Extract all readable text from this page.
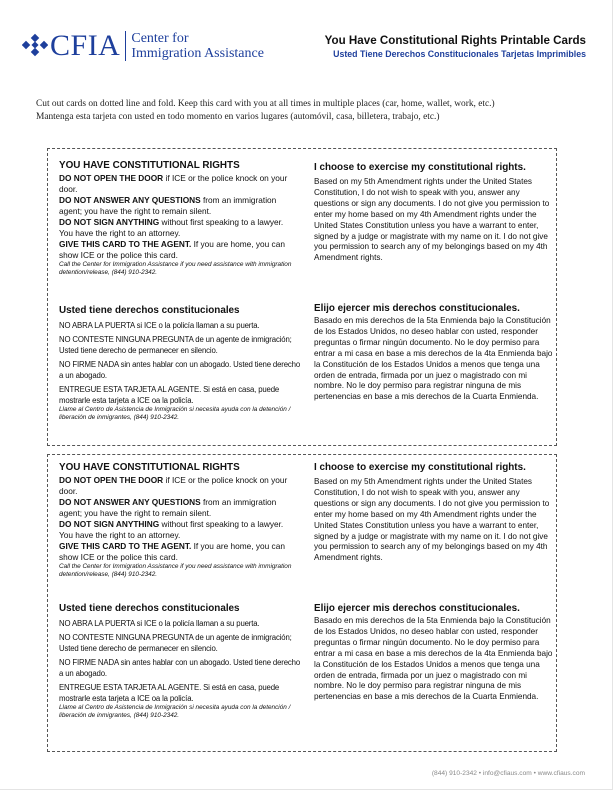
CFIA Center for
Immigration Assistance
You Have Constitutional Rights Printable Cards
Usted Tiene Derechos Constitucionales Tarjetas Imprimibles
Cut out cards on dotted line and fold. Keep this card with you at all times in multiple places (car, home, wallet, work, etc.)
Mantenga esta tarjeta con usted en todo momento en varios lugares (automóvil, casa, billetera, trabajo, etc.)
YOU HAVE CONSTITUTIONAL RIGHTS
DO NOT OPEN THE DOOR if ICE or the police knock on your door.
DO NOT ANSWER ANY QUESTIONS from an immigration agent; you have the right to remain silent.
DO NOT SIGN ANYTHING without first speaking to a lawyer. You have the right to an attorney.
GIVE THIS CARD TO THE AGENT. If you are home, you can show ICE or the police this card.
Call the Center for Immigration Assistance if you need assistance with immigration detention/release, (844) 910-2342.
Usted tiene derechos constitucionales
NO ABRA LA PUERTA si ICE o la policía llaman a su puerta.
NO CONTESTE NINGUNA PREGUNTA de un agente de inmigración; Usted tiene derecho de permanecer en silencio.
NO FIRME NADA sin antes hablar con un abogado. Usted tiene derecho a un abogado.
ENTREGUE ESTA TARJETA AL AGENTE. Si está en casa, puede mostrarle esta tarjeta a ICE oa la policía.
Llame al Centro de Asistencia de Inmigración si necesita ayuda con la detención / liberación de inmigrantes, (844) 910-2342.
I choose to exercise my constitutional rights.
Based on my 5th Amendment rights under the United States Constitution, I do not wish to speak with you, answer any questions or sign any documents. I do not give you permission to enter my home based on my 4th Amendment rights under the United States Constitution unless you have a warrant to enter, signed by a judge or magistrate with my name on it. I do not give you permission to search any of my belongings based on my 4th Amendment rights.
Elijo ejercer mis derechos constitucionales.
Basado en mis derechos de la 5ta Enmienda bajo la Constitución de los Estados Unidos, no deseo hablar con usted, responder preguntas o firmar ningún documento. No le doy permiso para entrar a mi casa en base a mis derechos de la 4ta Enmienda bajo la Constitución de los Estados Unidos a menos que tenga una orden de entrada, firmada por un juez o magistrado con mi nombre. No le doy permiso para registrar ninguna de mis pertenencias en base a mis derechos de la Cuarta Enmienda.
YOU HAVE CONSTITUTIONAL RIGHTS
DO NOT OPEN THE DOOR if ICE or the police knock on your door.
DO NOT ANSWER ANY QUESTIONS from an immigration agent; you have the right to remain silent.
DO NOT SIGN ANYTHING without first speaking to a lawyer. You have the right to an attorney.
GIVE THIS CARD TO THE AGENT. If you are home, you can show ICE or the police this card.
Call the Center for Immigration Assistance if you need assistance with immigration detention/release, (844) 910-2342.
Usted tiene derechos constitucionales
NO ABRA LA PUERTA si ICE o la policía llaman a su puerta.
NO CONTESTE NINGUNA PREGUNTA de un agente de inmigración; Usted tiene derecho de permanecer en silencio.
NO FIRME NADA sin antes hablar con un abogado. Usted tiene derecho a un abogado.
ENTREGUE ESTA TARJETA AL AGENTE. Si está en casa, puede mostrarle esta tarjeta a ICE oa la policía.
Llame al Centro de Asistencia de Inmigración si necesita ayuda con la detención / liberación de inmigrantes, (844) 910-2342.
I choose to exercise my constitutional rights.
Based on my 5th Amendment rights under the United States Constitution, I do not wish to speak with you, answer any questions or sign any documents. I do not give you permission to enter my home based on my 4th Amendment rights under the United States Constitution unless you have a warrant to enter, signed by a judge or magistrate with my name on it. I do not give you permission to search any of my belongings based on my 4th Amendment rights.
Elijo ejercer mis derechos constitucionales.
Basado en mis derechos de la 5ta Enmienda bajo la Constitución de los Estados Unidos, no deseo hablar con usted, responder preguntas o firmar ningún documento. No le doy permiso para entrar a mi casa en base a mis derechos de la 4ta Enmienda bajo la Constitución de los Estados Unidos a menos que tenga una orden de entrada, firmada por un juez o magistrado con mi nombre. No le doy permiso para registrar ninguna de mis pertenencias en base a mis derechos de la Cuarta Enmienda.
(844) 910-2342 • info@cfiaus.com • www.cfiaus.com
